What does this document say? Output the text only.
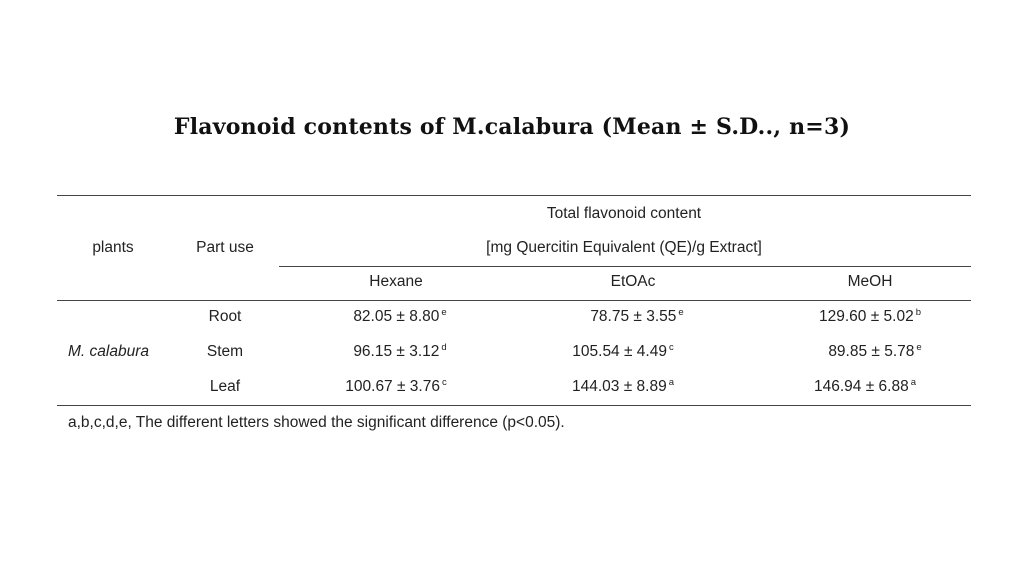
Flavonoid contents of M.calabura (Mean ± S.D.., n=3)
plants	Part use
Total flavonoid content
[mg Quercitin Equivalent (QE)/g Extract]
Hexane	EtOAc	MeOH
M. calabura
Root	82.05 ± 8.80 $^e$	78.75 ± 3.55 $^e$	129.60 ± 5.02 $^b$
Stem	96.15 ± 3.12 $^d$	105.54 ± 4.49 $^c$	89.85 ± 5.78 $^e$
Leaf	100.67 ± 3.76 $^c$	144.03 ± 8.89 $^a$	146.94 ± 6.88 $^a$
a,b,c,d,e, The different letters showed the significant difference (p<0.05).
